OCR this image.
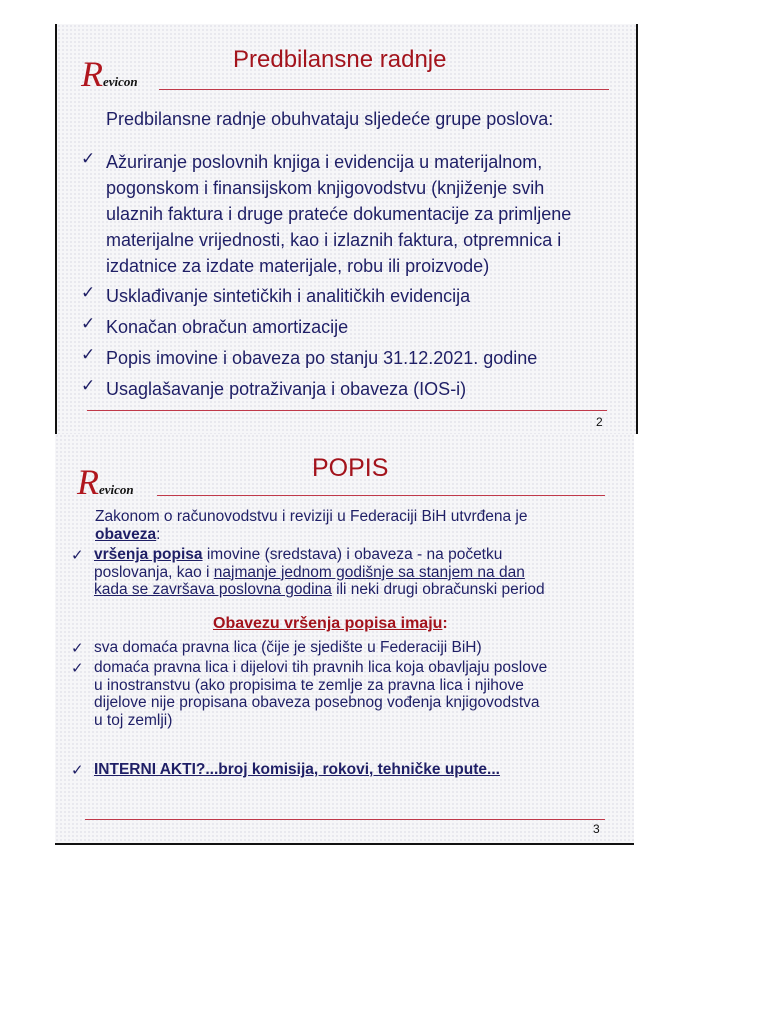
Revicon
Predbilansne radnje
Predbilansne radnje obuhvataju sljedeće grupe poslova:
✓ Ažuriranje poslovnih knjiga i evidencija u materijalnom,
pogonskom i finansijskom knjigovodstvu (knjiženje svih
ulaznih faktura i druge prateće dokumentacije za primljene
materijalne vrijednosti, kao i izlaznih faktura, otpremnica i
izdatnice za izdate materijale, robu ili proizvode)
✓ Usklađivanje sintetičkih i analitičkih evidencija
✓ Konačan obračun amortizacije
✓ Popis imovine i obaveza po stanju 31.12.2021. godine
✓ Usaglašavanje potraživanja i obaveza (IOS-i)
2
Revicon
POPIS
Zakonom o računovodstvu i reviziji u Federaciji BiH utvrđena je
obaveza:
✓ vršenja popisa imovine (sredstava) i obaveza - na početku
poslovanja, kao i najmanje jednom godišnje sa stanjem na dan
kada se završava poslovna godina ili neki drugi obračunski period
Obavezu vršenja popisa imaju:
✓ sva domaća pravna lica (čije je sjedište u Federaciji BiH)
✓ domaća pravna lica i dijelovi tih pravnih lica koja obavljaju poslove
u inostranstvu (ako propisima te zemlje za pravna lica i njihove
dijelove nije propisana obaveza posebnog vođenja knjigovodstva
u toj zemlji)
✓ INTERNI AKTI?...broj komisija, rokovi, tehničke upute...
3
